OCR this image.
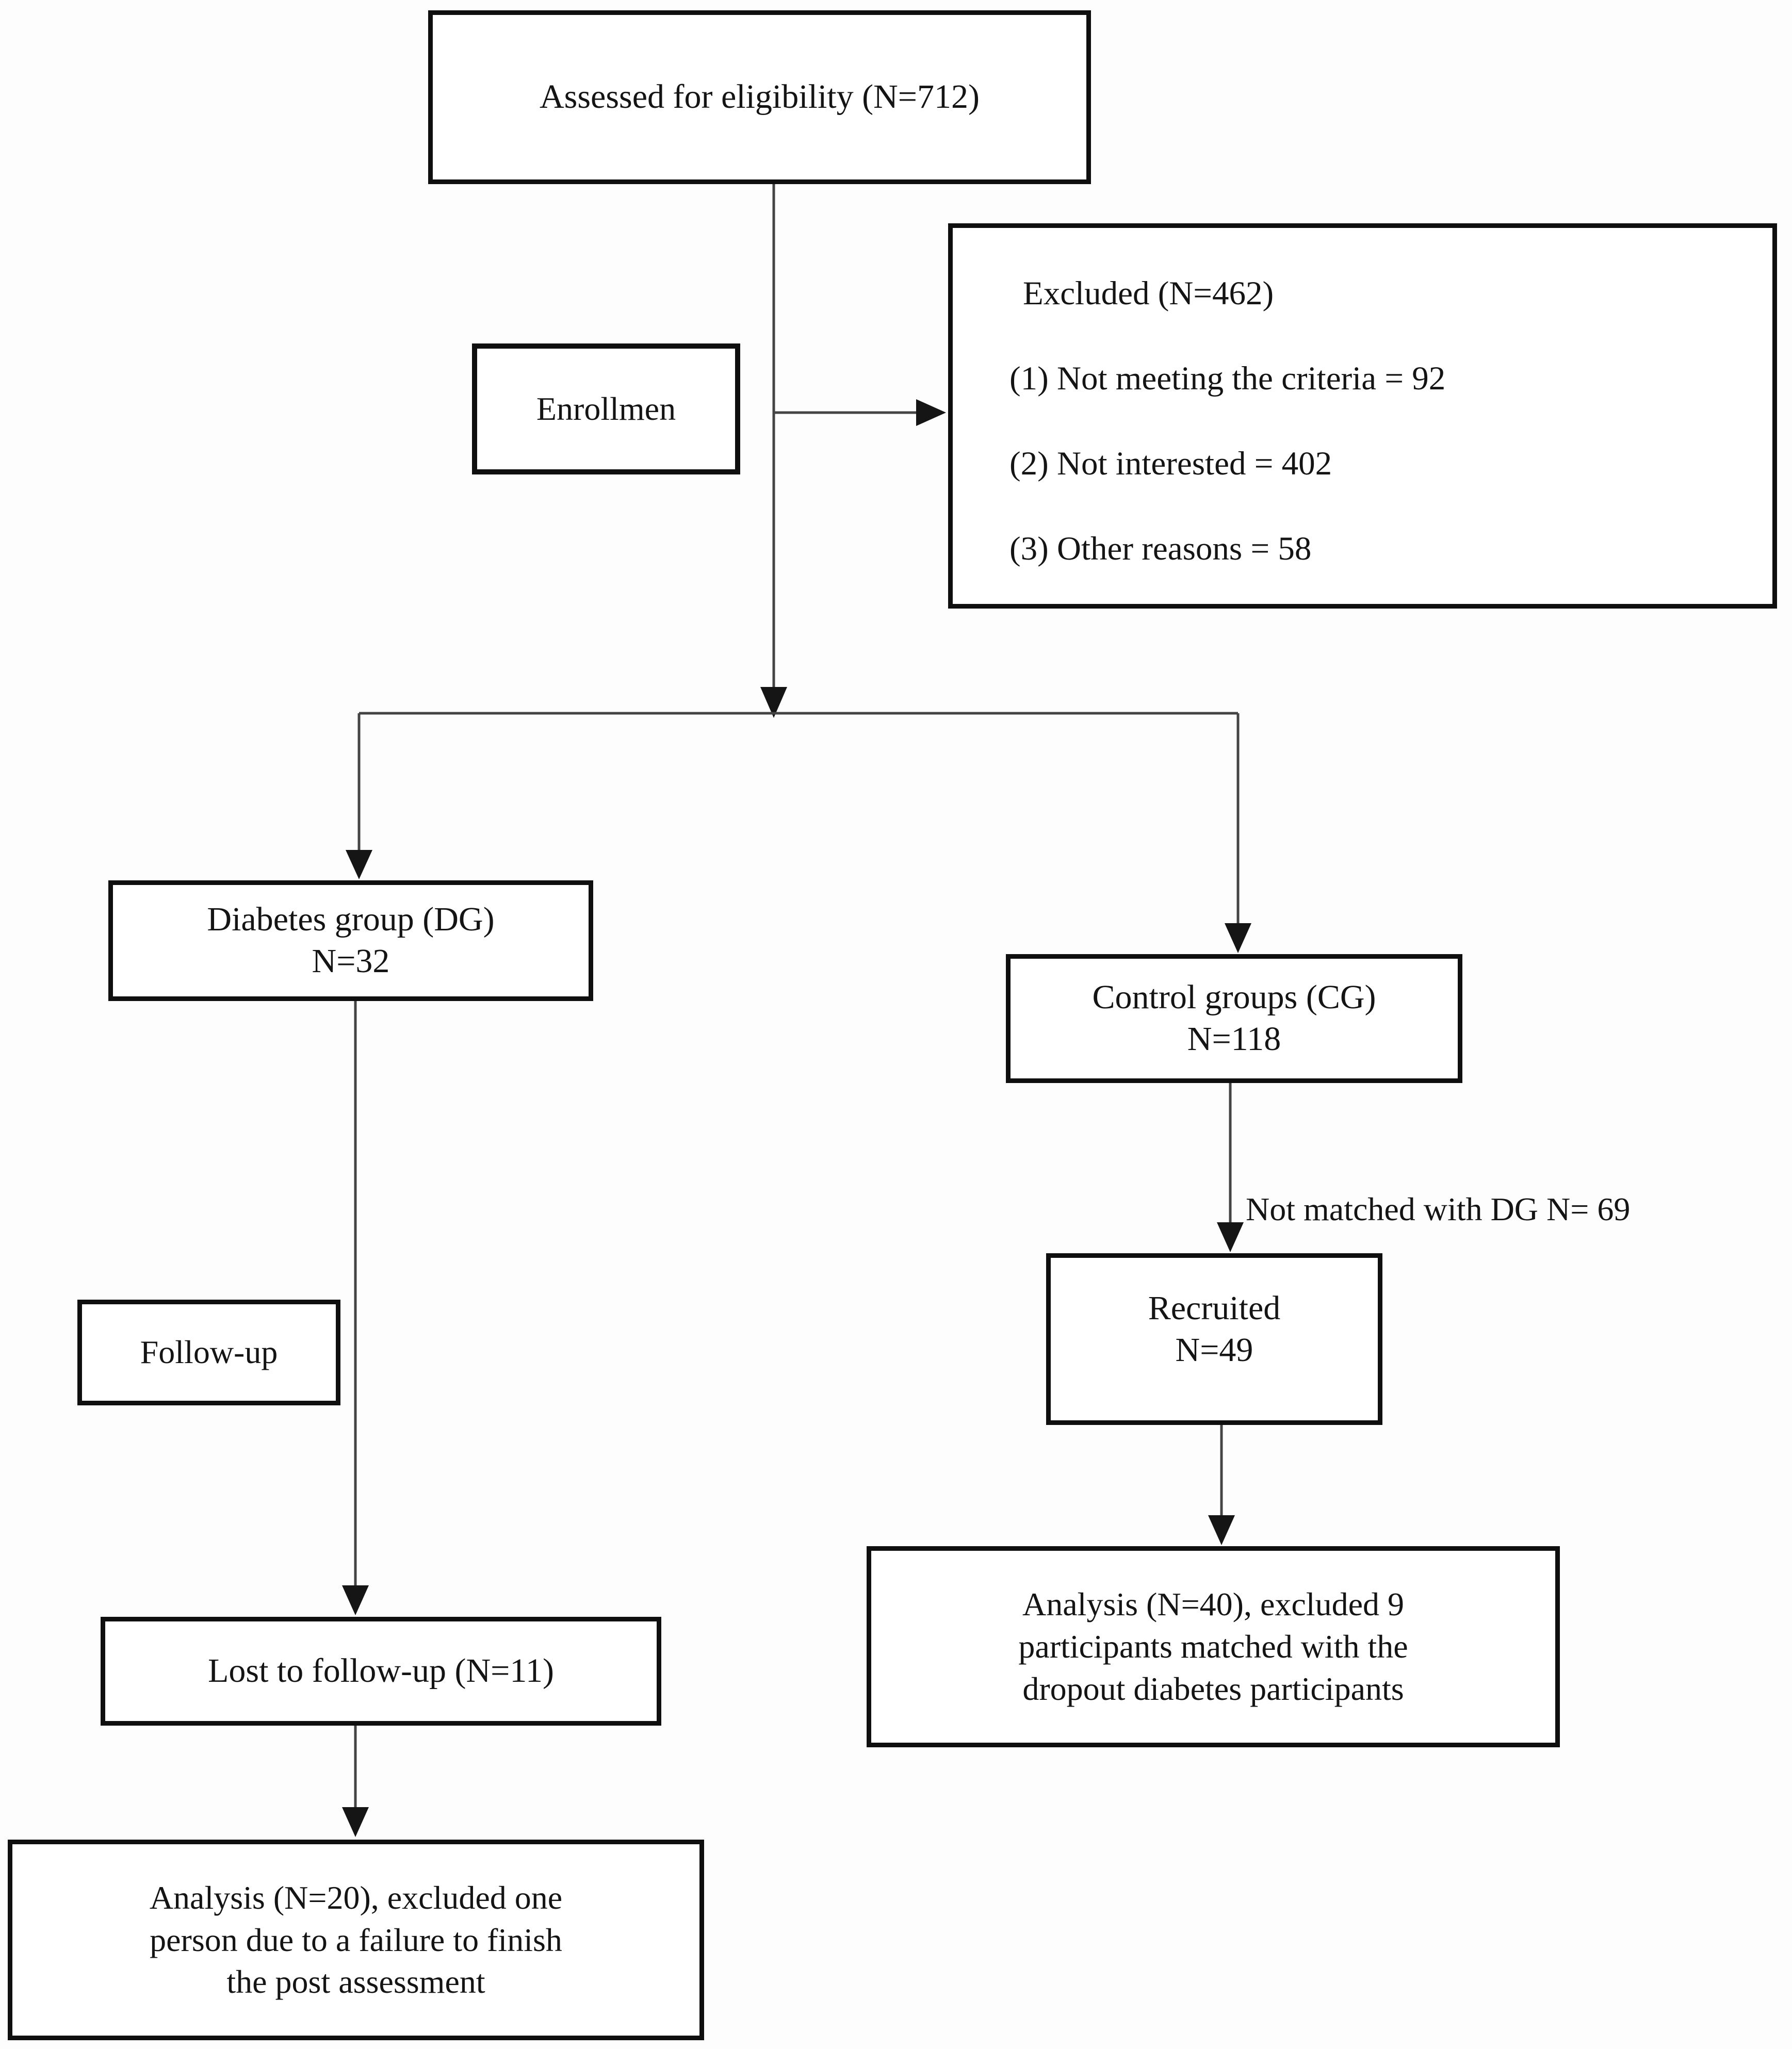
Assessed for eligibility (N=712)
Enrollmen
Excluded (N=462)
(1) Not meeting the criteria = 92
(2) Not interested = 402
(3) Other reasons = 58
Diabetes group (DG)
N=32
Control groups (CG)
N=118
Not matched with DG N= 69
Follow-up
Recruited
N=49
Lost to follow-up (N=11)
Analysis (N=40), excluded 9
participants matched with the
dropout diabetes participants
Analysis (N=20), excluded one
person due to a failure to finish
the post assessment
